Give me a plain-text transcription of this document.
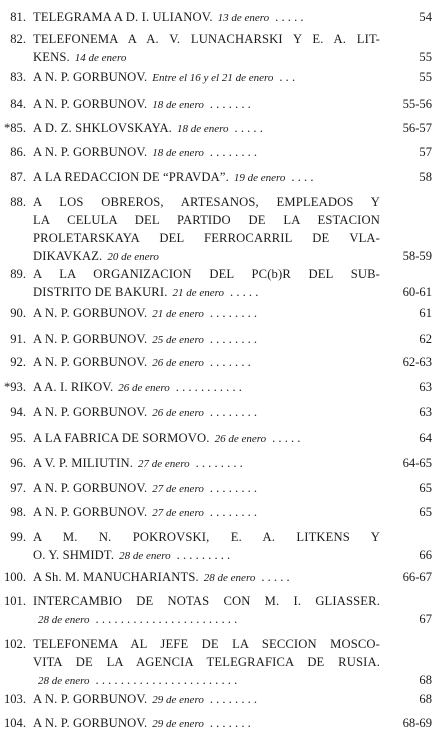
81. TELEGRAMA A D. I. ULIANOV. 13 de enero . . . . .	54
82. TELEFONEMA A A. V. LUNACHARSKI Y E. A. LIT-
KENS. 14 de enero	55
83. A N. P. GORBUNOV. Entre el 16 y el 21 de enero . . .	55
84. A N. P. GORBUNOV. 18 de enero . . . . . . .	55-56
*85. A D. Z. SHKLOVSKAYA. 18 de enero . . . . .	56-57
86. A N. P. GORBUNOV. 18 de enero . . . . . . . .	57
87. A LA REDACCION DE “PRAVDA”. 19 de enero . . . .	58
88. A LOS OBREROS, ARTESANOS, EMPLEADOS Y
LA CELULA DEL PARTIDO DE LA ESTACION
PROLETARSKAYA DEL FERROCARRIL DE VLA-
DIKAVKAZ. 20 de enero	58-59
89. A LA ORGANIZACION DEL PC(b)R DEL SUB-
DISTRITO DE BAKURI. 21 de enero . . . . .	60-61
90. A N. P. GORBUNOV. 21 de enero . . . . . . . .	61
91. A N. P. GORBUNOV. 25 de enero . . . . . . . .	62
92. A N. P. GORBUNOV. 26 de enero . . . . . . .	62-63
*93. A A. I. RIKOV. 26 de enero . . . . . . . . . . .	63
94. A N. P. GORBUNOV. 26 de enero . . . . . . . .	63
95. A LA FABRICA DE SORMOVO. 26 de enero . . . . .	64
96. A V. P. MILIUTIN. 27 de enero . . . . . . . .	64-65
97. A N. P. GORBUNOV. 27 de enero . . . . . . . .	65
98. A N. P. GORBUNOV. 27 de enero . . . . . . . .	65
99. A M. N. POKROVSKI, E. A. LITKENS Y
O. Y. SHMIDT. 28 de enero . . . . . . . . .	66
100. A Sh. M. MANUCHARIANTS. 28 de enero . . . . .	66-67
101. INTERCAMBIO DE NOTAS CON M. I. GLIASSER.
28 de enero . . . . . . . . . . . . . . . . . . . . . . .	67
102. TELEFONEMA AL JEFE DE LA SECCION MOSCO-
VITA DE LA AGENCIA TELEGRAFICA DE RUSIA.
28 de enero . . . . . . . . . . . . . . . . . . . . . . .	68
103. A N. P. GORBUNOV. 29 de enero . . . . . . . .	68
104. A N. P. GORBUNOV. 29 de enero . . . . . . .	68-69
